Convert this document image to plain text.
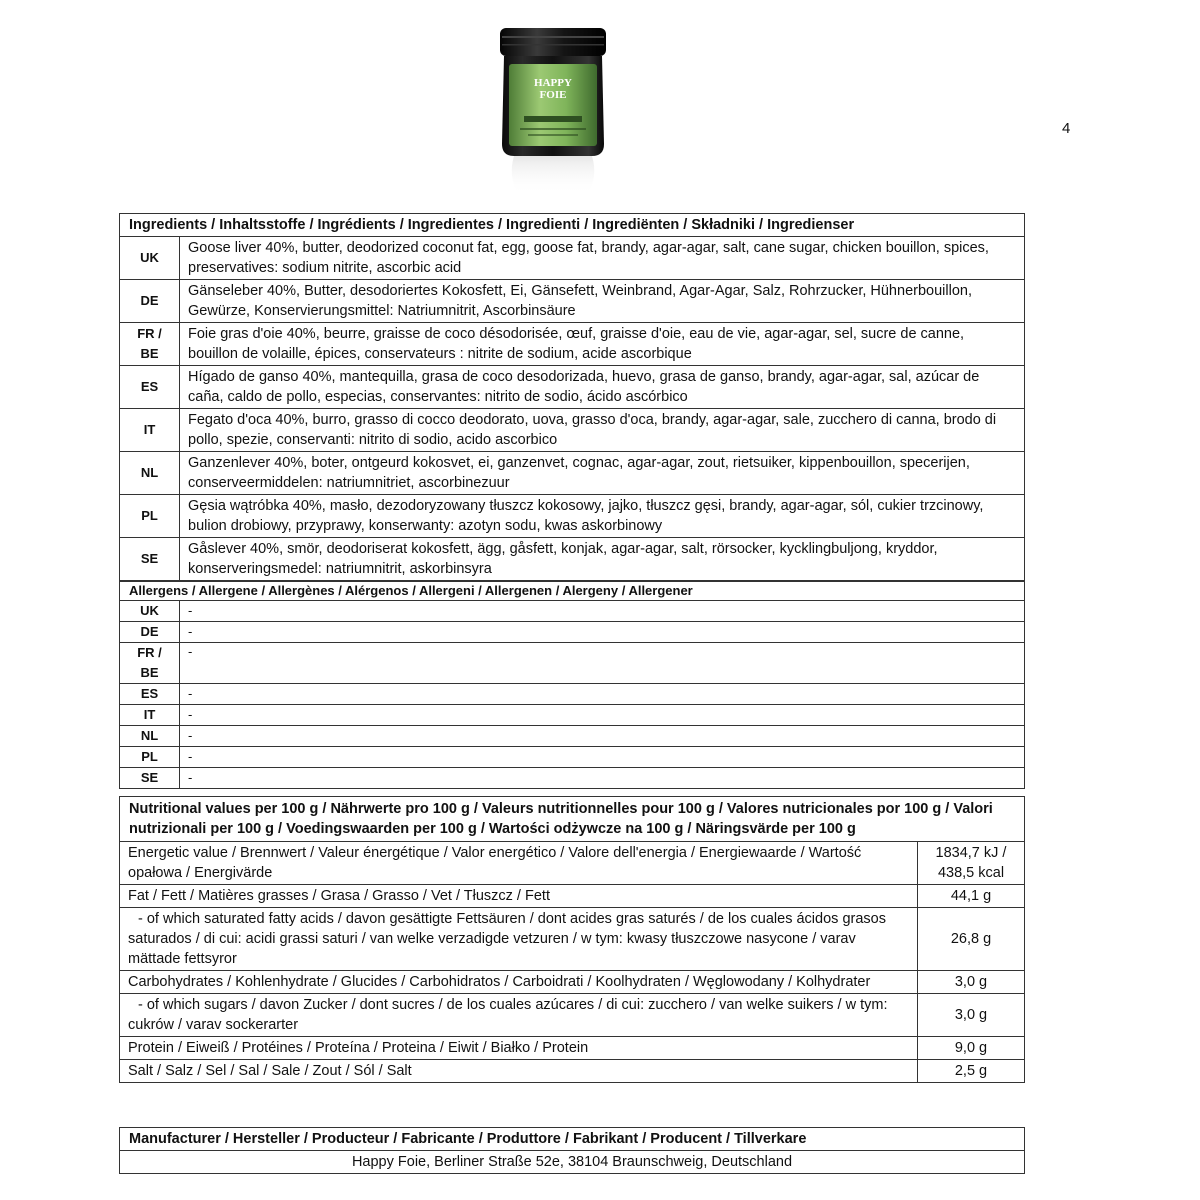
4
HAPPY
FOIE
Ingredients / Inhaltsstoffe / Ingrédients / Ingredientes / Ingredienti / Ingrediënten / Składniki / Ingredienser	
UK	Goose liver 40%, butter, deodorized coconut fat, egg, goose fat, brandy, agar-agar, salt, cane sugar, chicken bouillon, spices, preservatives: sodium nitrite, ascorbic acid
DE	Gänseleber 40%, Butter, desodoriertes Kokosfett, Ei, Gänsefett, Weinbrand, Agar-Agar, Salz, Rohrzucker, Hühnerbouillon, Gewürze, Konservierungsmittel: Natriumnitrit, Ascorbinsäure
FR / BE	Foie gras d'oie 40%, beurre, graisse de coco désodorisée, œuf, graisse d'oie, eau de vie, agar-agar, sel, sucre de canne, bouillon de volaille, épices, conservateurs : nitrite de sodium, acide ascorbique
ES	Hígado de ganso 40%, mantequilla, grasa de coco desodorizada, huevo, grasa de ganso, brandy, agar-agar, sal, azúcar de caña, caldo de pollo, especias, conservantes: nitrito de sodio, ácido ascórbico
IT	Fegato d'oca 40%, burro, grasso di cocco deodorato, uova, grasso d'oca, brandy, agar-agar, sale, zucchero di canna, brodo di pollo, spezie, conservanti: nitrito di sodio, acido ascorbico
NL	Ganzenlever 40%, boter, ontgeurd kokosvet, ei, ganzenvet, cognac, agar-agar, zout, rietsuiker, kippenbouillon, specerijen, conserveermiddelen: natriumnitriet, ascorbinezuur
PL	Gęsia wątróbka 40%, masło, dezodoryzowany tłuszcz kokosowy, jajko, tłuszcz gęsi, brandy, agar-agar, sól, cukier trzcinowy, bulion drobiowy, przyprawy, konserwanty: azotyn sodu, kwas askorbinowy
SE	Gåslever 40%, smör, deodoriserat kokosfett, ägg, gåsfett, konjak, agar-agar, salt, rörsocker, kycklingbuljong, kryddor, konserveringsmedel: natriumnitrit, askorbinsyra
Allergens / Allergene / Allergènes / Alérgenos / Allergeni / Allergenen / Alergeny / Allergener	
UK	-
DE	-
FR / BE	-
ES	-
IT	-
NL	-
PL	-
SE	-
Nutritional values per 100 g / Nährwerte pro 100 g / Valeurs nutritionnelles pour 100 g / Valores nutricionales por 100 g / Valori nutrizionali per 100 g / Voedingswaarden per 100 g / Wartości odżywcze na 100 g / Näringsvärde per 100 g	
Energetic value / Brennwert / Valeur énergétique / Valor energético / Valore dell'energia / Energiewaarde / Wartość opałowa / Energivärde	1834,7 kJ / 438,5 kcal
Fat / Fett / Matières grasses / Grasa / Grasso / Vet / Tłuszcz / Fett	44,1 g
- of which saturated fatty acids / davon gesättigte Fettsäuren / dont acides gras saturés / de los cuales ácidos grasos saturados / di cui: acidi grassi saturi / van welke verzadigde vetzuren / w tym: kwasy tłuszczowe nasycone / varav mättade fettsyror	26,8 g
Carbohydrates / Kohlenhydrate / Glucides / Carbohidratos / Carboidrati / Koolhydraten / Węglowodany / Kolhydrater	3,0 g
- of which sugars / davon Zucker / dont sucres / de los cuales azúcares / di cui: zucchero / van welke suikers / w tym: cukrów / varav sockerarter	3,0 g
Protein / Eiweiß / Protéines / Proteína / Proteina / Eiwit / Białko / Protein	9,0 g
Salt / Salz / Sel / Sal / Sale / Zout / Sól / Salt	2,5 g
Manufacturer / Hersteller / Producteur / Fabricante / Produttore / Fabrikant / Producent / Tillverkare
Happy Foie, Berliner Straße 52e, 38104 Braunschweig, Deutschland
